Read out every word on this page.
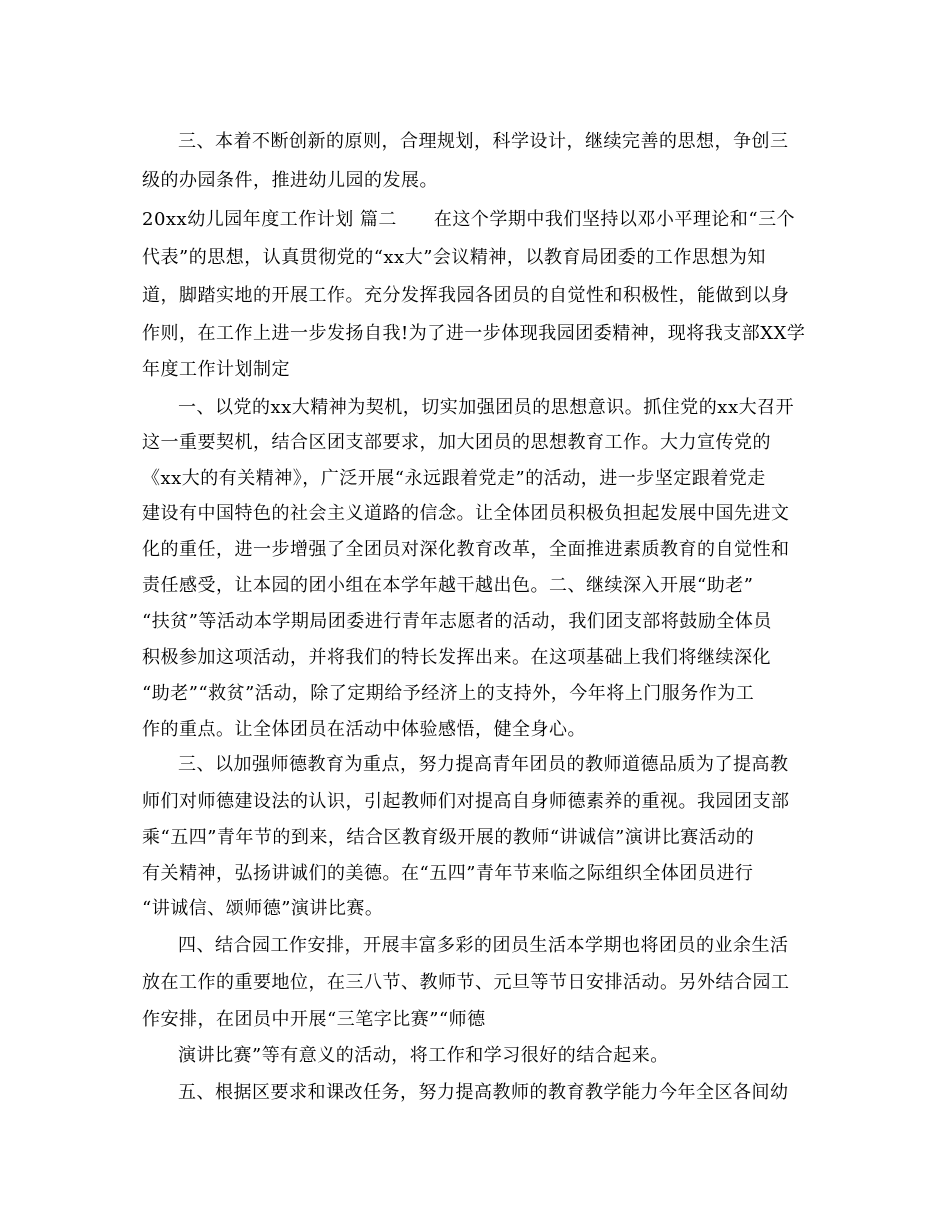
三、本着不断创新的原则，合理规划，科学设计，继续完善的思想，争创三
级的办园条件，推进幼儿园的发展。
20xx幼儿园年度工作计划 篇二　　在这个学期中我们坚持以邓小平理论和“三个
代表”的思想，认真贯彻党的“xx大”会议精神，以教育局团委的工作思想为知
道，脚踏实地的开展工作。充分发挥我园各团员的自觉性和积极性，能做到以身
作则，在工作上进一步发扬自我!为了进一步体现我园团委精神，现将我支部XX学
年度工作计划制定
一、以党的xx大精神为契机，切实加强团员的思想意识。抓住党的xx大召开
这一重要契机，结合区团支部要求，加大团员的思想教育工作。大力宣传党的
《xx大的有关精神》，广泛开展“永远跟着党走”的活动，进一步坚定跟着党走
建设有中国特色的社会主义道路的信念。让全体团员积极负担起发展中国先进文
化的重任，进一步增强了全团员对深化教育改革，全面推进素质教育的自觉性和
责任感受，让本园的团小组在本学年越干越出色。二、继续深入开展“助老”
“扶贫”等活动本学期局团委进行青年志愿者的活动，我们团支部将鼓励全体员
积极参加这项活动，并将我们的特长发挥出来。在这项基础上我们将继续深化
“助老”“救贫”活动，除了定期给予经济上的支持外，今年将上门服务作为工
作的重点。让全体团员在活动中体验感悟，健全身心。
三、以加强师德教育为重点，努力提高青年团员的教师道德品质为了提高教
师们对师德建设法的认识，引起教师们对提高自身师德素养的重视。我园团支部
乘“五四”青年节的到来，结合区教育级开展的教师“讲诚信”演讲比赛活动的
有关精神，弘扬讲诚们的美德。在“五四”青年节来临之际组织全体团员进行
“讲诚信、颂师德”演讲比赛。
四、结合园工作安排，开展丰富多彩的团员生活本学期也将团员的业余生活
放在工作的重要地位，在三八节、教师节、元旦等节日安排活动。另外结合园工
作安排，在团员中开展“三笔字比赛”“师德
演讲比赛”等有意义的活动，将工作和学习很好的结合起来。
五、根据区要求和课改任务，努力提高教师的教育教学能力今年全区各间幼
